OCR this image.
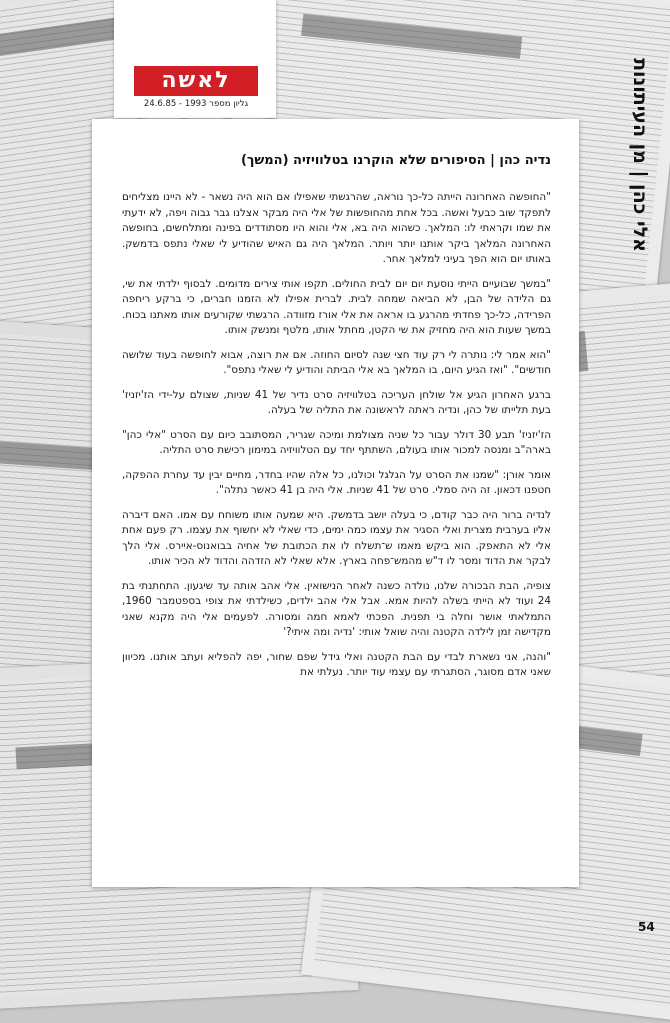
לאשה
גליון מספר 1993 - 24.6.85	אלי כהן | מן העיתונות
נדיה כהן | הסיפורים שלא הוקרנו בטלוויזיה (המשך)

"החופשה האחרונה הייתה כל-כך נוראה, שהרגשתי שאפילו אם הוא היה נשאר - לא היינו מצליחים לתפקד שוב כבעל ואשה. בכל אחת מהחופשות של אלי היה מבקר אצלנו גבר גבוה ויפה, לא ידעתי את שמו וקראתי לו: המלאך. כשהוא היה בא, אלי והוא היו מסתודדים בפינה ומתלחשים, בחופשה האחרונה המלאך ביקר אותנו יותר ויותר. המלאך היה גם האיש שהודיע לי שאלי נתפס בדמשק. באותו יום הוא הפך בעיני למלאך אחר.

"במשך שבועיים הייתי נוסעת יום יום לבית החולים. תקפו אותי צירים מדומים. לבסוף ילדתי את שי, גם הלידה של הבן, לא הביאה שמחה לבית. לברית אפילו לא הזמנו חברים, כי ברקע ריחפה הפרידה, כל-כך פחדתי מהרגע בו אראה את אלי אורז מזוודה. הרגשתי שקורעים אותו מאתנו בכוח. במשך שעות הוא היה מחזיק את שי הקטן, מחתל אותו, מלטף ומנשק אותו.

"הוא אמר לי: נותרה לי רק עוד חצי שנה לסיום החוזה. אם את רוצה, אבוא לחופשה בעוד שלושה חודשים". "ואז הגיע היום, בו המלאך בא אלי הביתה והודיע לי שאלי נתפס".

ברגע האחרון הגיע אל שולחן העריכה בטלוויזיה סרט נדיר של 41 שניות, שצולם על-ידי הז'יזניז' בעת תלייתו של כהן, ונדיה ראתה לראשונה את התליה של בעלה.

הז'יזניז' תבע 30 דולר עבור כל שניה מצולמת ומיכה שגריר, המסתובב כיום עם הסרט "אלי כהן" בארה"ב ומנסה למכור אותו בעולם, השתתף יחד עם הטלוויזיה במימון רכישת סרט התליה.

אומר אורן: "שמנו את הסרט על הגלגל וכולנו, כל אלה שהיו בחדר, מחיים יבין עד עחרת ההפקה, חטפנו דכאון. זה היה סמלי. סרט של 41 שניות. אלי היה בן 41 כאשר נתלה".

לנדיה ברור היה כבר קודם, כי בעלה יושב בדמשק. היא שמעה אותו משוחח עם אמו. האם דיברה אליו בערבית מצרית ואלי הסגיר את עצמו כמה ימים, כדי שאלי לא יחשוף את עצמו. רק פעם אחת אלי לא התאפק. הוא ביקש מאמו ש־תשלח לו את הכתובת של אחיה בבואנוס-איירס. אלי הלך לבקר את הדוד ומסר לו ד"ש מהמש־פחה בארץ. אלא שאלי לא הזדהה והדוד לא הכיר אותו.

צופיה, הבת הבכורה שלנו, נולדה כשנה לאחר הנישואין. אלי אהב אותה עד שיגעון. התחתנתי בת 24 ועוד לא הייתי בשלה להיות אמא. אבל אלי אהב ילדים, כשילדתי את צופי בספטמבר 1960, התמלאתי אושר וחלה בי תפנית. הפכתי לאמא חמה ומסורה. לפעמים אלי היה מקנא שאני מקדישה זמן לילדה הקטנה והיה שואל אותי: 'נדיה ומה איתי?'

"והנה, אני נשארת לבדי עם הבת הקטנה ואלי גידל שפם שחור, יפה להפליא ועתב אותנו. מכיוון שאני אדם מסוגר, הסתגרתי עם עצמי עוד יותר. נעלתי את

54
